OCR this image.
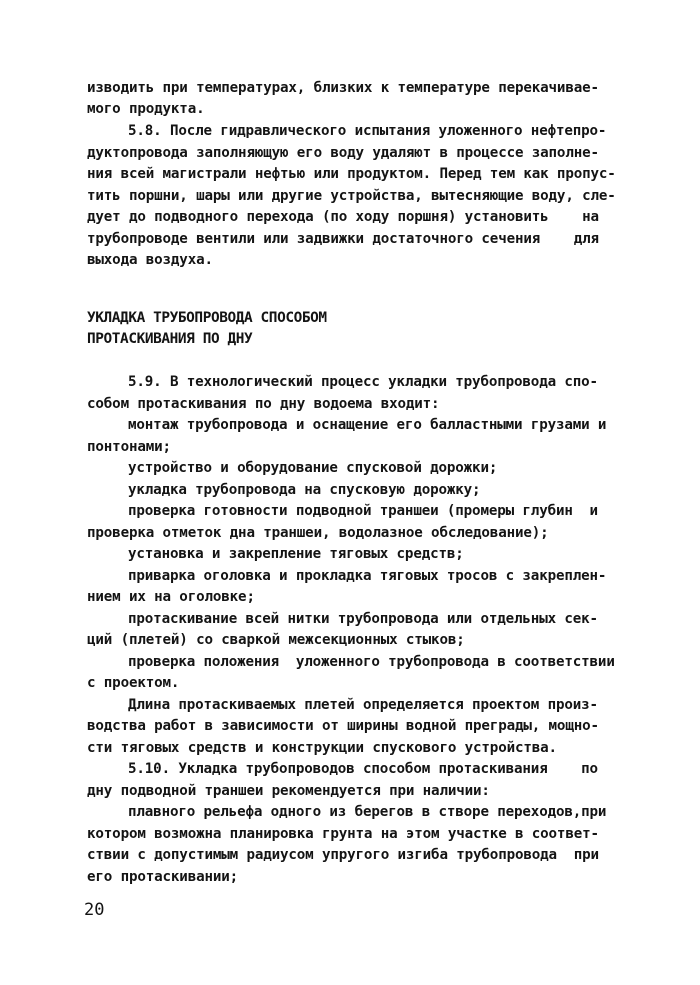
изводить при температурах, близких к температуре перекачивае-
мого продукта.
5.8. После гидравлического испытания уложенного нефтепро-
дуктопровода заполняющую его воду удаляют в процессе заполне-
ния всей магистрали нефтью или продуктом. Перед тем как пропус-
тить поршни, шары или другие устройства, вытесняющие воду, сле-
дует до подводного перехода (по ходу поршня) установить    на
трубопроводе вентили или задвижки достаточного сечения    для
выхода воздуха.
УКЛАДКА ТРУБОПРОВОДА СПОСОБОМ
ПРОТАСКИВАНИЯ ПО ДНУ
5.9. В технологический процесс укладки трубопровода спо-
собом протаскивания по дну водоема входит:
монтаж трубопровода и оснащение его балластными грузами и
понтонами;
устройство и оборудование спусковой дорожки;
укладка трубопровода на спусковую дорожку;
проверка готовности подводной траншеи (промеры глубин  и
проверка отметок дна траншеи, водолазное обследование);
установка и закрепление тяговых средств;
приварка оголовка и прокладка тяговых тросов с закреплен-
нием их на оголовке;
протаскивание всей нитки трубопровода или отдельных сек-
ций (плетей) со сваркой межсекционных стыков;
проверка положения  уложенного трубопровода в соответствии
с проектом.
Длина протаскиваемых плетей определяется проектом произ-
водства работ в зависимости от ширины водной преграды, мощно-
сти тяговых средств и конструкции спускового устройства.
5.10. Укладка трубопроводов способом протаскивания    по
дну подводной траншеи рекомендуется при наличии:
плавного рельефа одного из берегов в створе переходов,при
котором возможна планировка грунта на этом участке в соответ-
ствии с допустимым радиусом упругого изгиба трубопровода  при
его протаскивании;
20
